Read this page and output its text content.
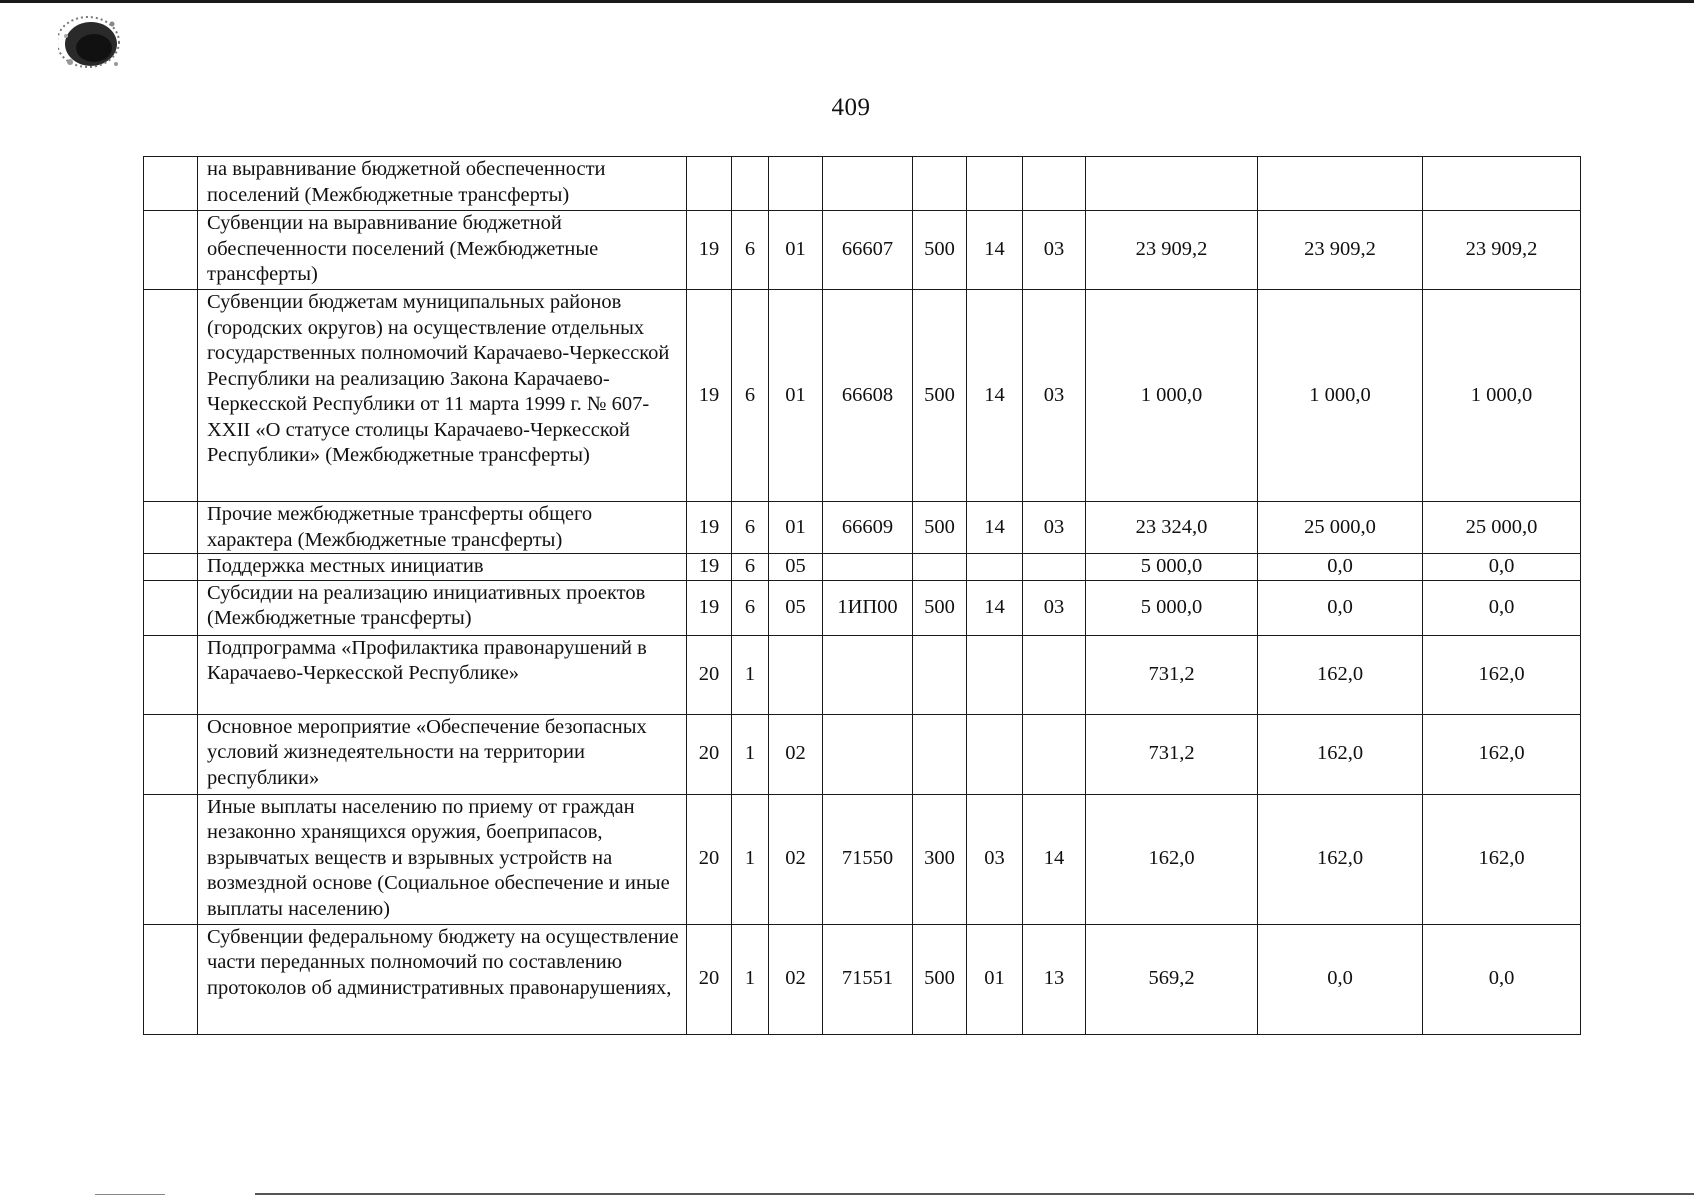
409
	на выравнивание бюджетной обеспеченности поселений (Межбюджетные трансферты)										
	Субвенции на выравнивание бюджетной обеспеченности поселений (Межбюджетные трансферты)	19	6	01	66607	500	14	03	23 909,2	23 909,2	23 909,2
	Субвенции бюджетам муниципальных районов (городских округов) на осуществление отдельных государственных полномочий Карачаево-Черкесской Республики на реализацию Закона Карачаево-Черкесской Республики от 11 марта 1999 г. № 607-XXII «О статусе столицы Карачаево-Черкесской Республики» (Межбюджетные трансферты)	19	6	01	66608	500	14	03	1 000,0	1 000,0	1 000,0
	Прочие межбюджетные трансферты общего характера (Межбюджетные трансферты)	19	6	01	66609	500	14	03	23 324,0	25 000,0	25 000,0
	Поддержка местных инициатив	19	6	05					5 000,0	0,0	0,0
	Субсидии на реализацию инициативных проектов (Межбюджетные трансферты)	19	6	05	1ИП00	500	14	03	5 000,0	0,0	0,0
	Подпрограмма «Профилактика правонарушений в Карачаево-Черкесской Республике»	20	1						731,2	162,0	162,0
	Основное мероприятие «Обеспечение безопасных условий жизнедеятельности на территории республики»	20	1	02					731,2	162,0	162,0
	Иные выплаты населению по приему от граждан незаконно хранящихся оружия, боеприпасов, взрывчатых веществ и взрывных устройств на возмездной основе (Социальное обеспечение и иные выплаты населению)	20	1	02	71550	300	03	14	162,0	162,0	162,0
	Субвенции федеральному бюджету на осуществление части переданных полномочий по составлению протоколов об административных правонарушениях,	20	1	02	71551	500	01	13	569,2	0,0	0,0
